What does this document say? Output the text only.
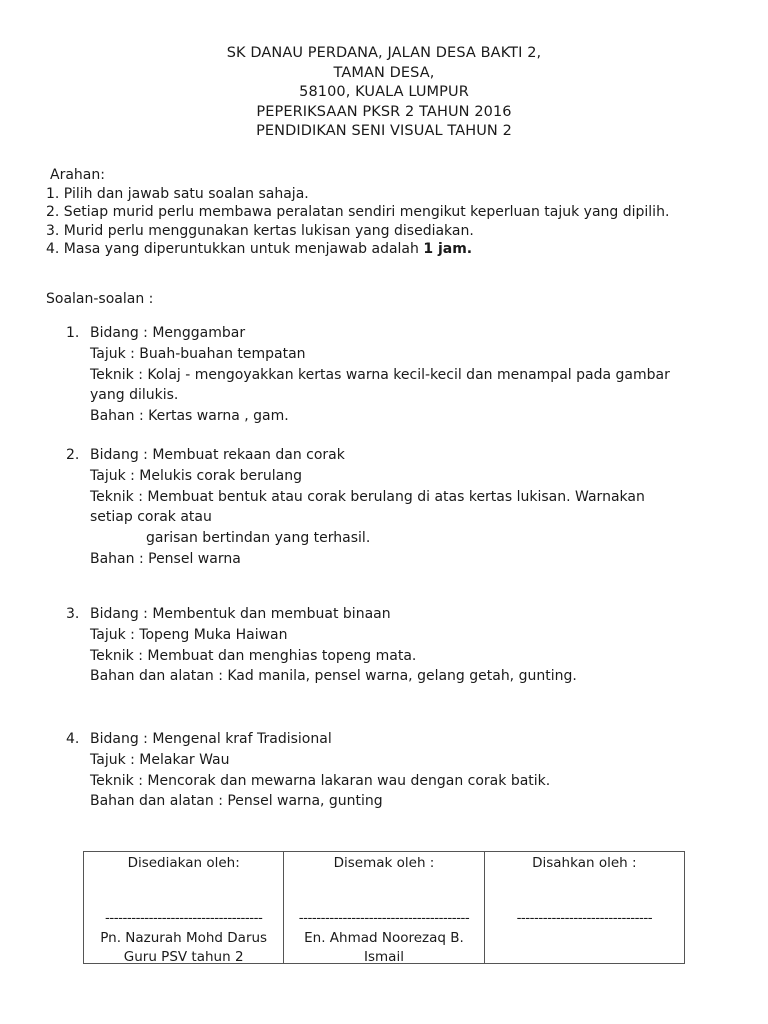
SK DANAU PERDANA, JALAN DESA BAKTI 2,
TAMAN DESA,
58100, KUALA LUMPUR
PEPERIKSAAN PKSR 2 TAHUN 2016
PENDIDIKAN SENI VISUAL TAHUN 2
Arahan:
1. Pilih dan jawab satu soalan sahaja.
2. Setiap murid perlu membawa peralatan sendiri mengikut keperluan tajuk yang dipilih.
3. Murid perlu menggunakan kertas lukisan yang disediakan.
4. Masa yang diperuntukkan untuk menjawab adalah 1 jam.
Soalan-soalan :
1. Bidang : Menggambar
Tajuk : Buah-buahan tempatan
Teknik : Kolaj - mengoyakkan kertas warna kecil-kecil dan menampal pada gambar
yang dilukis.
Bahan : Kertas warna , gam.
2. Bidang : Membuat rekaan dan corak
Tajuk : Melukis corak berulang
Teknik : Membuat bentuk atau corak berulang di atas kertas lukisan. Warnakan
setiap corak atau
garisan bertindan yang terhasil.
Bahan : Pensel warna
3. Bidang : Membentuk dan membuat binaan
Tajuk : Topeng Muka Haiwan
Teknik : Membuat dan menghias topeng mata.
Bahan dan alatan : Kad manila, pensel warna, gelang getah, gunting.
4. Bidang : Mengenal kraf Tradisional
Tajuk : Melakar Wau
Teknik : Mencorak dan mewarna lakaran wau dengan corak batik.
Bahan dan alatan : Pensel warna, gunting
Disediakan oleh:
------------------------------------
Pn. Nazurah Mohd Darus
Guru PSV tahun 2

Disemak oleh :
---------------------------------------
En. Ahmad Noorezaq B.
Ismail

Disahkan oleh :
-------------------------------
